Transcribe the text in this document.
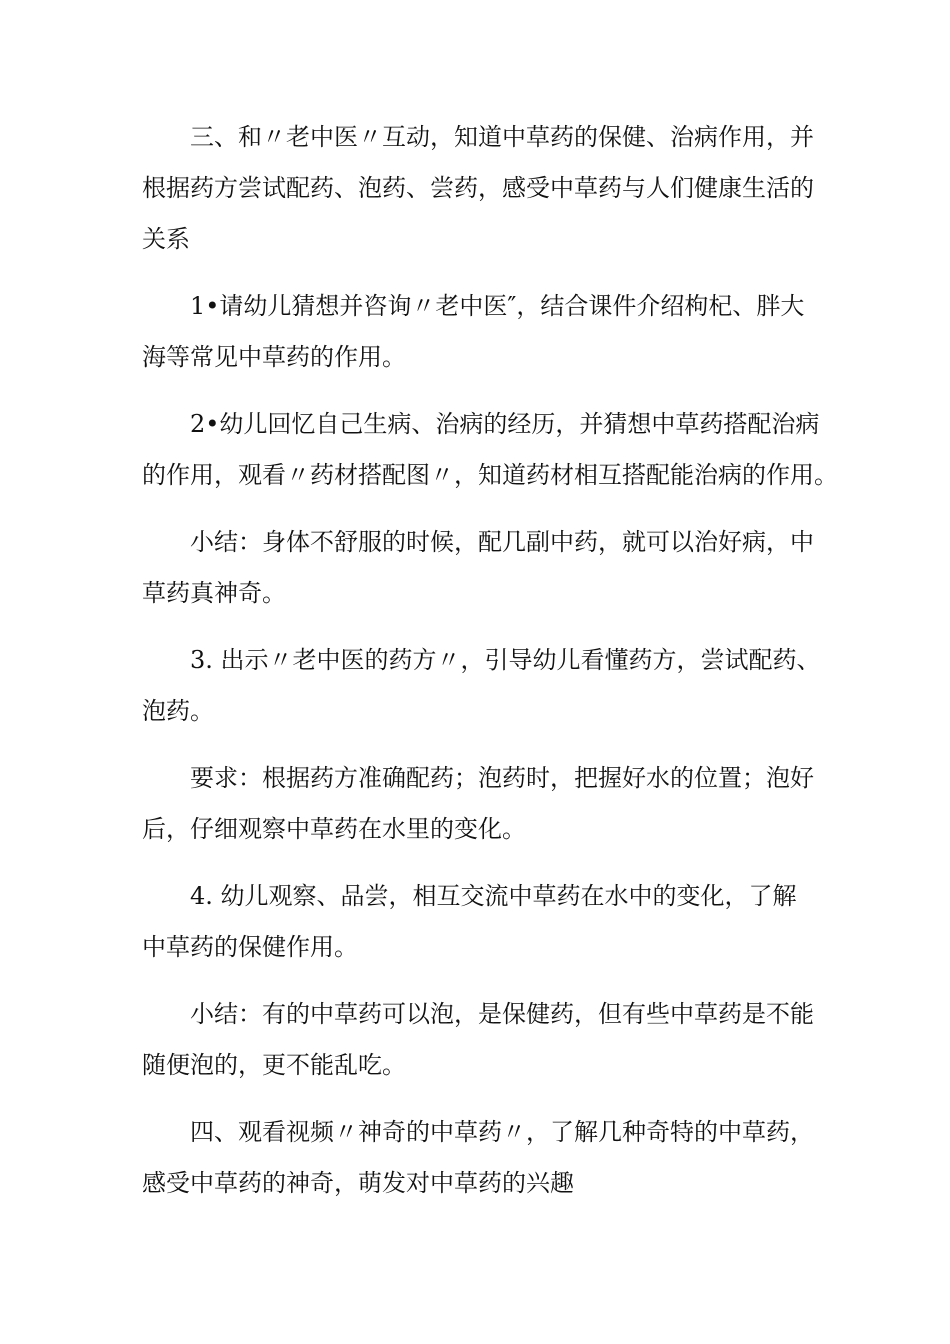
三、和〃老中医〃互动，知道中草药的保健、治病作用，并
根据药方尝试配药、泡药、尝药，感受中草药与人们健康生活的
关系

1•请幼儿猜想并咨询〃老中医″，结合课件介绍枸杞、胖大
海等常见中草药的作用。

2•幼儿回忆自己生病、治病的经历，并猜想中草药搭配治病
的作用，观看〃药材搭配图〃，知道药材相互搭配能治病的作用。

小结：身体不舒服的时候，配几副中药，就可以治好病，中
草药真神奇。

3. 出示〃老中医的药方〃，引导幼儿看懂药方，尝试配药、
泡药。

要求：根据药方准确配药；泡药时，把握好水的位置；泡好
后，仔细观察中草药在水里的变化。

4. 幼儿观察、品尝，相互交流中草药在水中的变化，了解
中草药的保健作用。

小结：有的中草药可以泡，是保健药，但有些中草药是不能
随便泡的，更不能乱吃。

四、观看视频〃神奇的中草药〃，了解几种奇特的中草药，
感受中草药的神奇，萌发对中草药的兴趣
